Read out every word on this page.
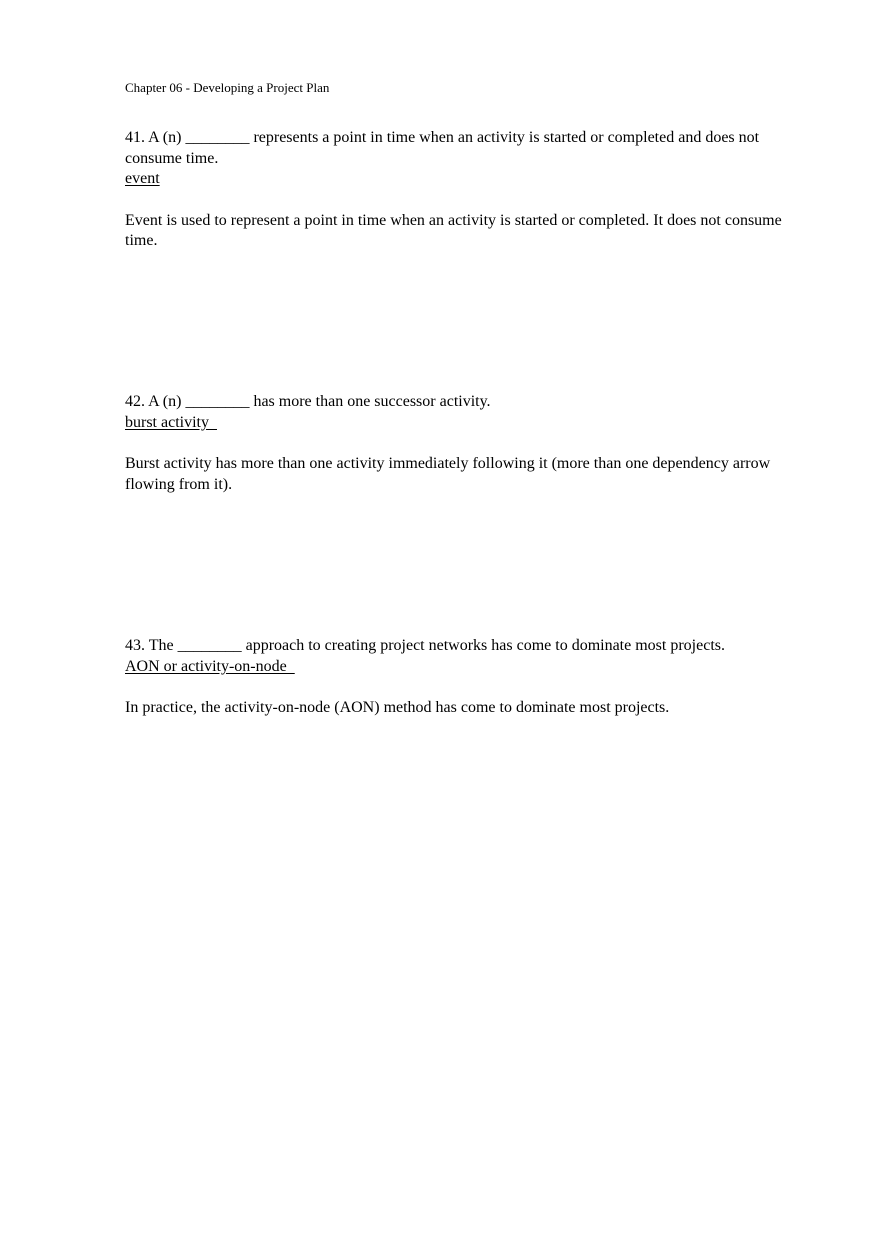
Chapter 06 - Developing a Project Plan

41. A (n) ________ represents a point in time when an activity is started or completed and does not consume time.

event

Event is used to represent a point in time when an activity is started or completed. It does not consume time.

42. A (n) ________ has more than one successor activity.

burst activity

Burst activity has more than one activity immediately following it (more than one dependency arrow flowing from it).

43. The ________ approach to creating project networks has come to dominate most projects.

AON or activity-on-node

In practice, the activity-on-node (AON) method has come to dominate most projects.
